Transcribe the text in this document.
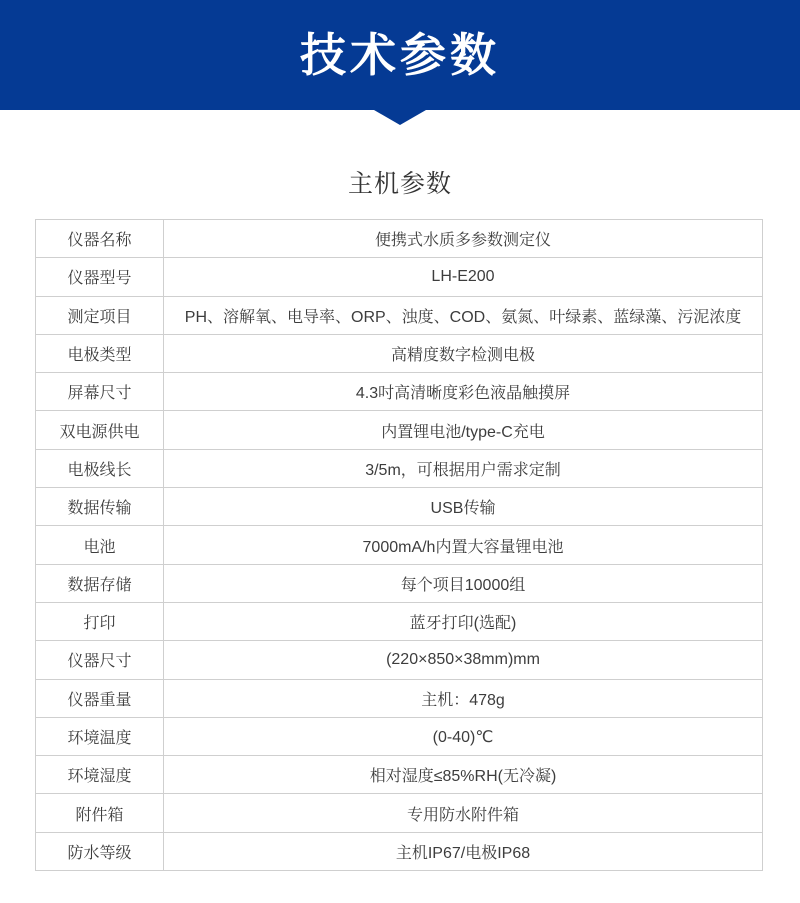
技术参数
主机参数
仪器名称	便携式水质多参数测定仪
仪器型号	LH-E200
测定项目	PH、溶解氧、电导率、ORP、浊度、COD、氨氮、叶绿素、蓝绿藻、污泥浓度
电极类型	高精度数字检测电极
屏幕尺寸	4.3吋高清晰度彩色液晶触摸屏
双电源供电	内置锂电池/type-C充电
电极线长	3/5m，可根据用户需求定制
数据传输	USB传输
电池	7000mA/h内置大容量锂电池
数据存储	每个项目10000组
打印	蓝牙打印(选配)
仪器尺寸	(220×850×38mm)mm
仪器重量	主机：478g
环境温度	(0-40)℃
环境湿度	相对湿度≤85%RH(无冷凝)
附件箱	专用防水附件箱
防水等级	主机IP67/电极IP68
